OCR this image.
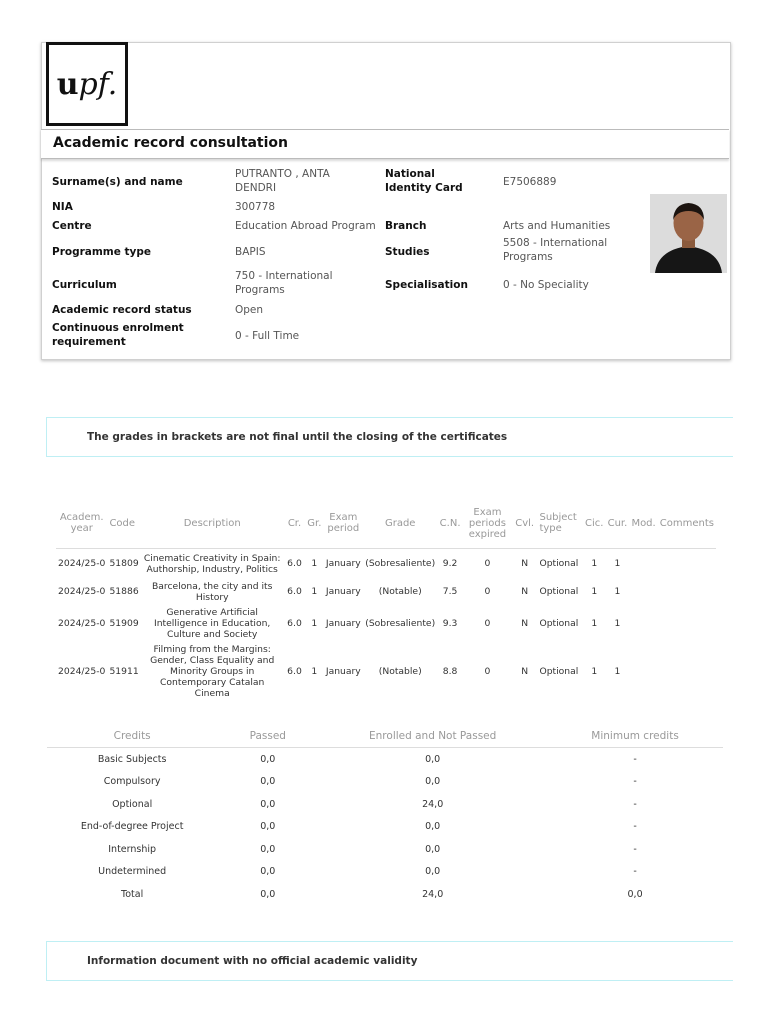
u pf.
Academic record consultation
Surname(s) and name
PUTRANTO , ANTA DENDRI
NIA	300778
Centre	Education Abroad Program
Programme type	BAPIS
Curriculum
750 - International Programs
Academic record status	Open
Continuous enrolment requirement	0 - Full Time
National Identity Card	E7506889
Branch	Arts and Humanities
Studies
5508 - International Programs
Specialisation	0 - No Speciality
The grades in brackets are not final until the closing of the certificates
Academ. year	Code	Description	Cr.	Gr.	Exam period	Grade	C.N.	Exam periods expired	Cvl.	Subject type	Cic.	Cur.	Mod.	Comments
2024/25-0	51809	Cinematic Creativity in Spain: Authorship, Industry, Politics	6.0	1	January	(Sobresaliente)	9.2	0	N	Optional	1	1		
2024/25-0	51886	Barcelona, the city and its History	6.0	1	January	(Notable)	7.5	0	N	Optional	1	1		
2024/25-0	51909	Generative Artificial Intelligence in Education, Culture and Society	6.0	1	January	(Sobresaliente)	9.3	0	N	Optional	1	1		
2024/25-0	51911	Filming from the Margins: Gender, Class Equality and Minority Groups in Contemporary Catalan Cinema	6.0	1	January	(Notable)	8.8	0	N	Optional	1	1		
Credits	Passed	Enrolled and Not Passed	Minimum credits
Basic Subjects	0,0	0,0	-
Compulsory	0,0	0,0	-
Optional	0,0	24,0	-
End-of-degree Project	0,0	0,0	-
Internship	0,0	0,0	-
Undetermined	0,0	0,0	-
Total	0,0	24,0	0,0
Information document with no official academic validity
